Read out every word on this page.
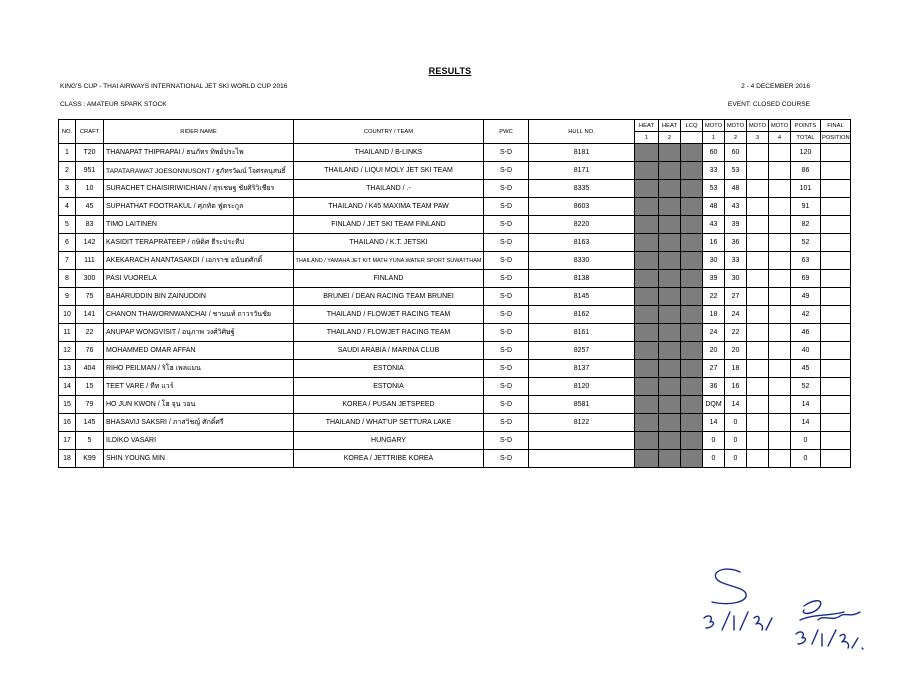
RESULTS
KING'S CUP - THAI AIRWAYS INTERNATIONAL JET SKI WORLD CUP 2016	2 - 4 DECEMBER 2016
CLASS : AMATEUR SPARK STOCK	EVENT: CLOSED COURSE
NO.	CRAFT	RIDER NAME	COUNTRY / TEAM	PWC	HULL NO.	HEAT	HEAT	LCQ	MOTO	MOTO	MOTO	MOTO	POINTS	FINAL
						1	2		1	2	3	4	TOTAL	POSITION
1	T20	THANAPAT THIPRAPAI / ธนภัทร ทิพย์ประไพ	THAILAND / B-LINKS	S-D	8181				60	60			120	
2	951	TAPATARAWAT JOESONNUSONT / ฐภัทรวัฒน์ โจศรคนุสนธิ์	THAILAND / LIQUI MOLY JET SKI TEAM	S-D	8171				33	53			86	
3	10	SURACHET CHAISIRIWICHIAN / สุรเชษฐ ชัยศิริวิเชียร	THAILAND / .-	S-D	8335				53	48			101	
4	45	SUPHATHAT FOOTRAKUL / ศุภทัต ฟู่ตระกูล	THAILAND / K45 MAXIMA TEAM PAW	S-D	8603				48	43			91	
5	83	TIMO LAITINEN	FINLAND / JET SKI TEAM FINLAND	S-D	8220				43	39			82	
6	142	KASIDIT TERAPRATEEP / กษิดิศ ธีระประทีป	THAILAND / K.T. JETSKI	S-D	8163				16	36			52	
7	111	AKEKARACH ANANTASAKDI / เอกราช อนันตศักดิ์	THAILAND / YAMAHA JET KIT MATH YUNA WATER SPORT SUWATTHAM	S-D	8330				30	33			63	
8	300	PASI VUORELA	FINLAND	S-D	8138				39	30			69	
9	75	BAHARUDDIN BIN ZAINUDDIN	BRUNEI / DEAN RACING TEAM BRUNEI	S-D	8145				22	27			49	
10	141	CHANON THAWORNWANCHAI / ชานนท์ ถาวรวันชัย	THAILAND / FLOWJET RACING TEAM	S-D	8162				18	24			42	
11	22	ANUPAP WONGVISIT / อนุภาพ วงศ์วิศิษฐ์	THAILAND / FLOWJET RACING TEAM	S-D	8161				24	22			46	
12	76	MOHAMMED OMAR AFFAN	SAUDI ARABIA / MARINA CLUB	S-D	8257				20	20			40	
13	404	RIHO PEILMAN / ริโฮ เพลแมน	ESTONIA	S-D	8137				27	18			45	
14	15	TEET VARE / ทีท แวร์	ESTONIA	S-D	8120				36	16			52	
15	79	HO JUN KWON / โฮ จุน วอน	KOREA / PUSAN JETSPEED	S-D	8581				DQM	14			14	
16	145	BHASAVIJ SAKSRI / ภาสวิชญ์ ศักดิ์ศรี	THAILAND / WHAT'UP SETTURA LAKE	S-D	8122				14	0			14	
17	5	ILDIKO VASARI	HUNGARY	S-D					0	0			0	
18	K99	SHIN YOUNG MIN	KOREA / JETTRIBE KOREA	S-D					0	0			0	
